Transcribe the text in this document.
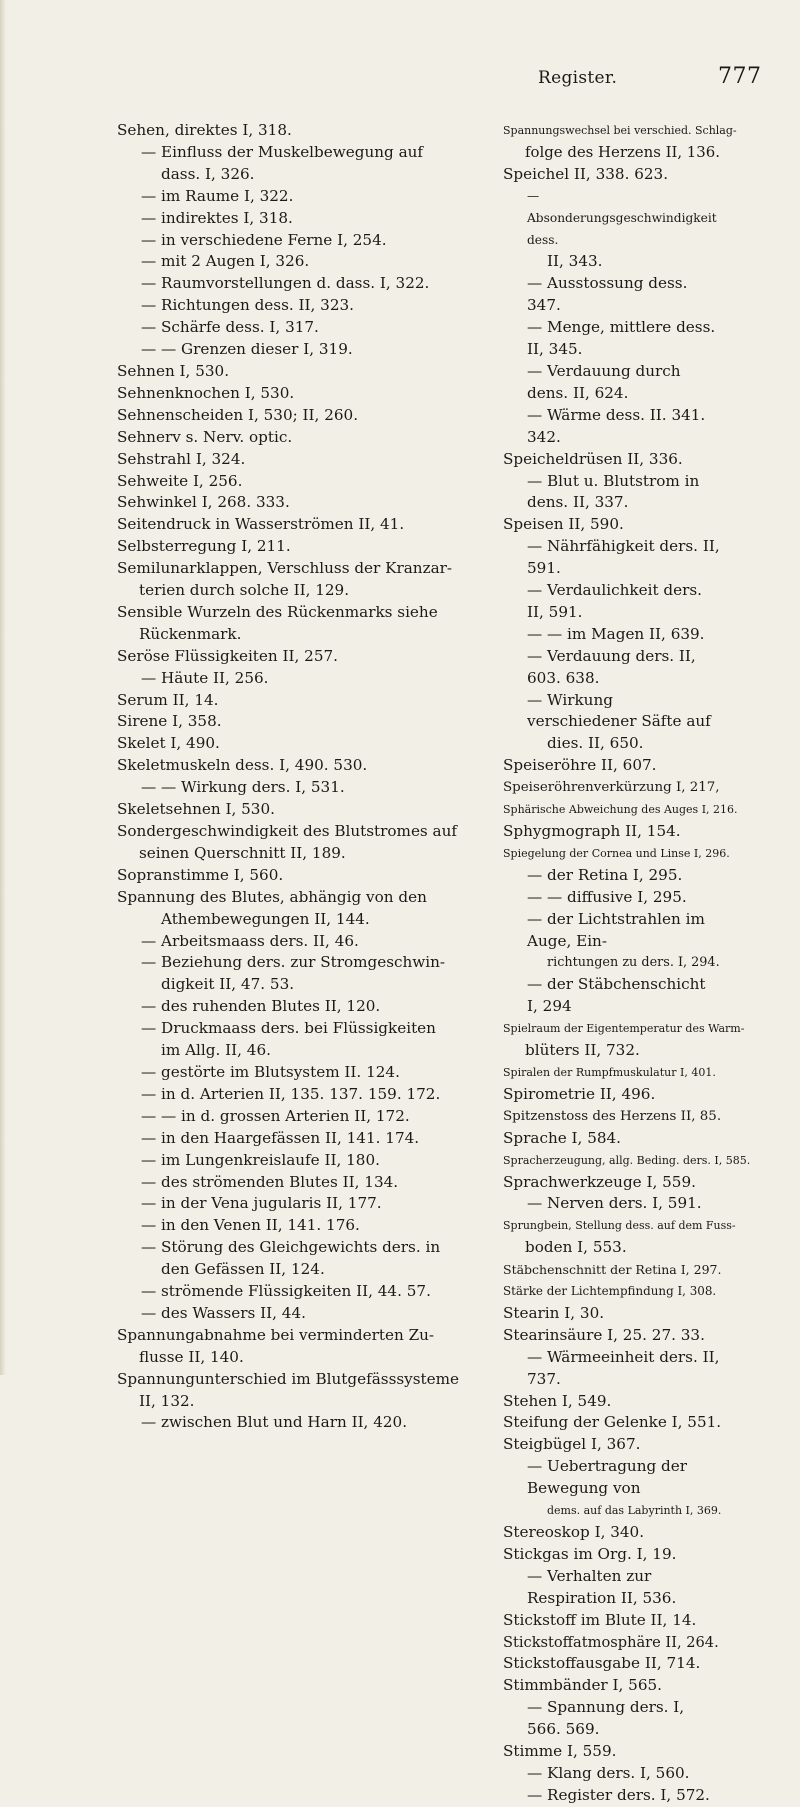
Register.	777
Sehen, direktes I, 318.
— Einfluss der Muskelbewegung auf
dass. I, 326.
— im Raume I, 322.
— indirektes I, 318.
— in verschiedene Ferne I, 254.
— mit 2 Augen I, 326.
— Raumvorstellungen d. dass. I, 322.
— Richtungen dess. II, 323.
— Schärfe dess. I, 317.
— — Grenzen dieser I, 319.
Sehnen I, 530.
Sehnenknochen I, 530.
Sehnenscheiden I, 530; II, 260.
Sehnerv s. Nerv. optic.
Sehstrahl I, 324.
Sehweite I, 256.
Sehwinkel I, 268. 333.
Seitendruck in Wasserströmen II, 41.
Selbsterregung I, 211.
Semilunarklappen, Verschluss der Kranzar-
terien durch solche II, 129.
Sensible Wurzeln des Rückenmarks siehe
Rückenmark.
Seröse Flüssigkeiten II, 257.
— Häute II, 256.
Serum II, 14.
Sirene I, 358.
Skelet I, 490.
Skeletmuskeln dess. I, 490. 530.
— — Wirkung ders. I, 531.
Skeletsehnen I, 530.
Sondergeschwindigkeit des Blutstromes auf
seinen Querschnitt II, 189.
Sopranstimme I, 560.
Spannung des Blutes, abhängig von den
Athembewegungen II, 144.
— Arbeitsmaass ders. II, 46.
— Beziehung ders. zur Stromgeschwin-
digkeit II, 47. 53.
— des ruhenden Blutes II, 120.
— Druckmaass ders. bei Flüssigkeiten
im Allg. II, 46.
— gestörte im Blutsystem II. 124.
— in d. Arterien II, 135. 137. 159. 172.
— — in d. grossen Arterien II, 172.
— in den Haargefässen II, 141. 174.
— im Lungenkreislaufe II, 180.
— des strömenden Blutes II, 134.
— in der Vena jugularis II, 177.
— in den Venen II, 141. 176.
— Störung des Gleichgewichts ders. in
den Gefässen II, 124.
— strömende Flüssigkeiten II, 44. 57.
— des Wassers II, 44.
Spannungabnahme bei verminderten Zu-
flusse II, 140.
Spannungunterschied im Blutgefässsysteme
II, 132.
— zwischen Blut und Harn II, 420.
Spannungswechsel bei verschied. Schlag-
folge des Herzens II, 136.
Speichel II, 338. 623.
— Absonderungsgeschwindigkeit dess.
II, 343.
— Ausstossung dess. 347.
— Menge, mittlere dess. II, 345.
— Verdauung durch dens. II, 624.
— Wärme dess. II. 341. 342.
Speicheldrüsen II, 336.
— Blut u. Blutstrom in dens. II, 337.
Speisen II, 590.
— Nährfähigkeit ders. II, 591.
— Verdaulichkeit ders. II, 591.
— — im Magen II, 639.
— Verdauung ders. II, 603. 638.
— Wirkung verschiedener Säfte auf
dies. II, 650.
Speiseröhre II, 607.
Speiseröhrenverkürzung I, 217,
Sphärische Abweichung des Auges I, 216.
Sphygmograph II, 154.
Spiegelung der Cornea und Linse I, 296.
— der Retina I, 295.
— — diffusive I, 295.
— der Lichtstrahlen im Auge, Ein-
richtungen zu ders. I, 294.
— der Stäbchenschicht I, 294
Spielraum der Eigentemperatur des Warm-
blüters II, 732.
Spiralen der Rumpfmuskulatur I, 401.
Spirometrie II, 496.
Spitzenstoss des Herzens II, 85.
Sprache I, 584.
Spracherzeugung, allg. Beding. ders. I, 585.
Sprachwerkzeuge I, 559.
— Nerven ders. I, 591.
Sprungbein, Stellung dess. auf dem Fuss-
boden I, 553.
Stäbchenschnitt der Retina I, 297.
Stärke der Lichtempfindung I, 308.
Stearin I, 30.
Stearinsäure I, 25. 27. 33.
— Wärmeeinheit ders. II, 737.
Stehen I, 549.
Steifung der Gelenke I, 551.
Steigbügel I, 367.
— Uebertragung der Bewegung von
dems. auf das Labyrinth I, 369.
Stereoskop I, 340.
Stickgas im Org. I, 19.
— Verhalten zur Respiration II, 536.
Stickstoff im Blute II, 14.
Stickstoffatmosphäre II, 264.
Stickstoffausgabe II, 714.
Stimmbänder I, 565.
— Spannung ders. I, 566. 569.
Stimme I, 559.
— Klang ders. I, 560.
— Register ders. I, 572.
